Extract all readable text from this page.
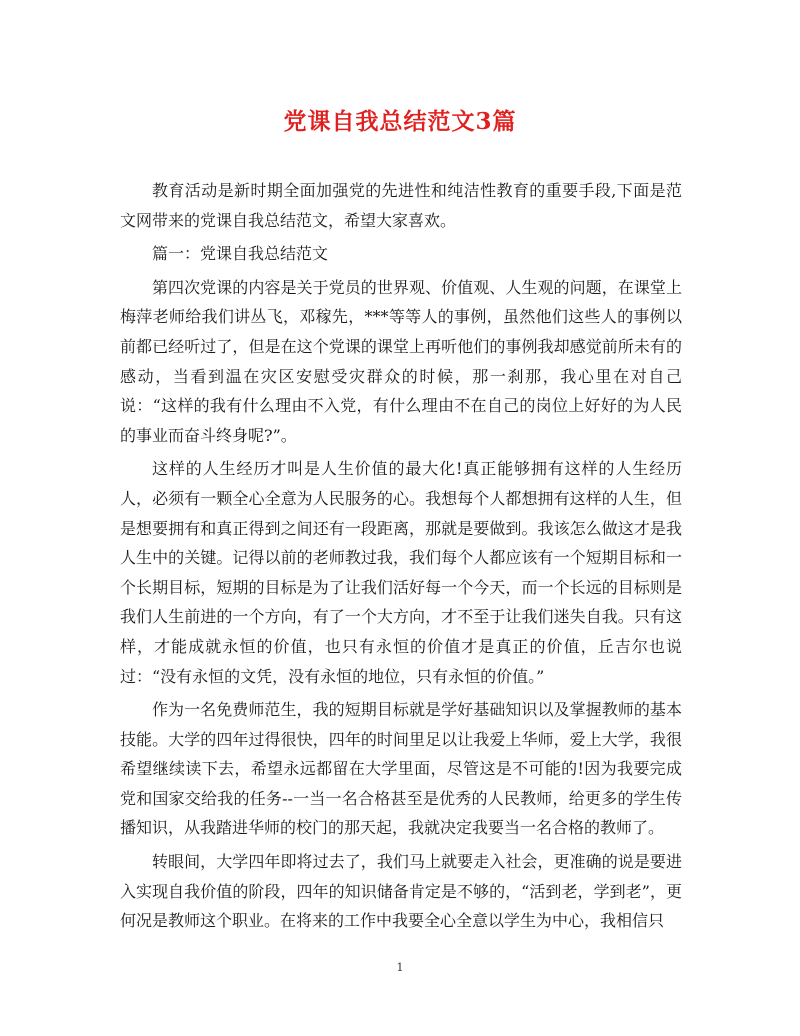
党课自我总结范文3篇

教育活动是新时期全面加强党的先进性和纯洁性教育的重要手段,下面是范文网带来的党课自我总结范文，希望大家喜欢。

篇一：党课自我总结范文

第四次党课的内容是关于党员的世界观、价值观、人生观的问题，在课堂上梅萍老师给我们讲丛飞，邓稼先，***等等人的事例，虽然他们这些人的事例以前都已经听过了，但是在这个党课的课堂上再听他们的事例我却感觉前所未有的感动，当看到温在灾区安慰受灾群众的时候，那一刹那，我心里在对自己说：“这样的我有什么理由不入党，有什么理由不在自己的岗位上好好的为人民的事业而奋斗终身呢?”。

这样的人生经历才叫是人生价值的最大化!真正能够拥有这样的人生经历人，必须有一颗全心全意为人民服务的心。我想每个人都想拥有这样的人生，但是想要拥有和真正得到之间还有一段距离，那就是要做到。我该怎么做这才是我人生中的关键。记得以前的老师教过我，我们每个人都应该有一个短期目标和一个长期目标，短期的目标是为了让我们活好每一个今天，而一个长远的目标则是我们人生前进的一个方向，有了一个大方向，才不至于让我们迷失自我。只有这样，才能成就永恒的价值，也只有永恒的价值才是真正的价值，丘吉尔也说过：“没有永恒的文凭，没有永恒的地位，只有永恒的价值。”

作为一名免费师范生，我的短期目标就是学好基础知识以及掌握教师的基本技能。大学的四年过得很快，四年的时间里足以让我爱上华师，爱上大学，我很希望继续读下去，希望永远都留在大学里面，尽管这是不可能的!因为我要完成党和国家交给我的任务--一当一名合格甚至是优秀的人民教师，给更多的学生传播知识，从我踏进华师的校门的那天起，我就决定我要当一名合格的教师了。

转眼间，大学四年即将过去了，我们马上就要走入社会，更准确的说是要进入实现自我价值的阶段，四年的知识储备肯定是不够的，“活到老，学到老”，更何况是教师这个职业。在将来的工作中我要全心全意以学生为中心，我相信只

1
